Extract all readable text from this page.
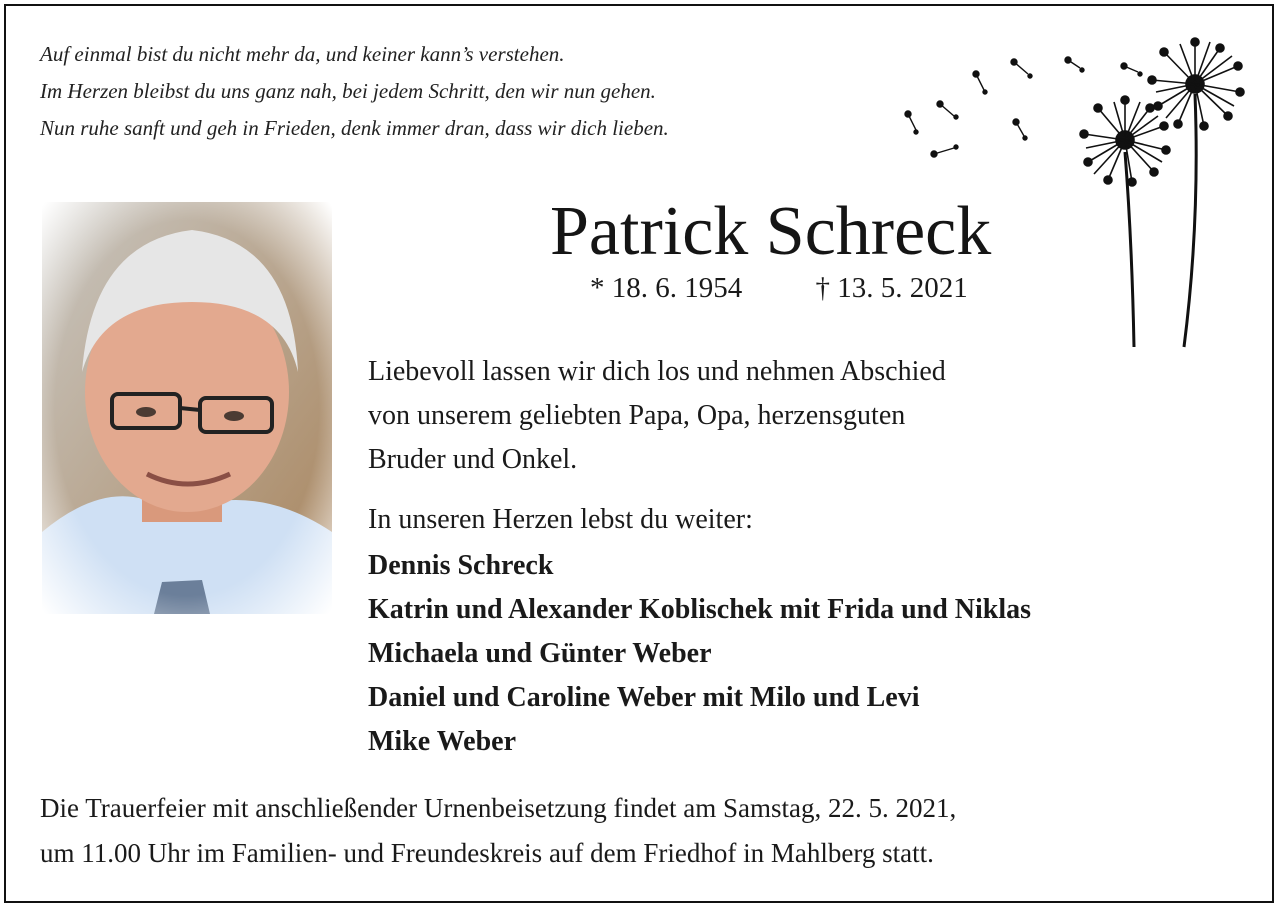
Auf einmal bist du nicht mehr da, und keiner kann’s verstehen.
Im Herzen bleibst du uns ganz nah, bei jedem Schritt, den wir nun gehen.
Nun ruhe sanft und geh in Frieden, denk immer dran, dass wir dich lieben.
Patrick Schreck
* 18. 6. 1954	† 13. 5. 2021

Liebevoll lassen wir dich los und nehmen Abschied

von unserem geliebten Papa, Opa, herzensguten

Bruder und Onkel.

In unseren Herzen lebst du weiter:

Dennis Schreck
Katrin und Alexander Koblischek mit Frida und Niklas
Michaela und Günter Weber
Daniel und Caroline Weber mit Milo und Levi
Mike Weber
Die Trauerfeier mit anschließender Urnenbeisetzung findet am Samstag, 22. 5. 2021,
um 11.00 Uhr im Familien- und Freundeskreis auf dem Friedhof in Mahlberg statt.
